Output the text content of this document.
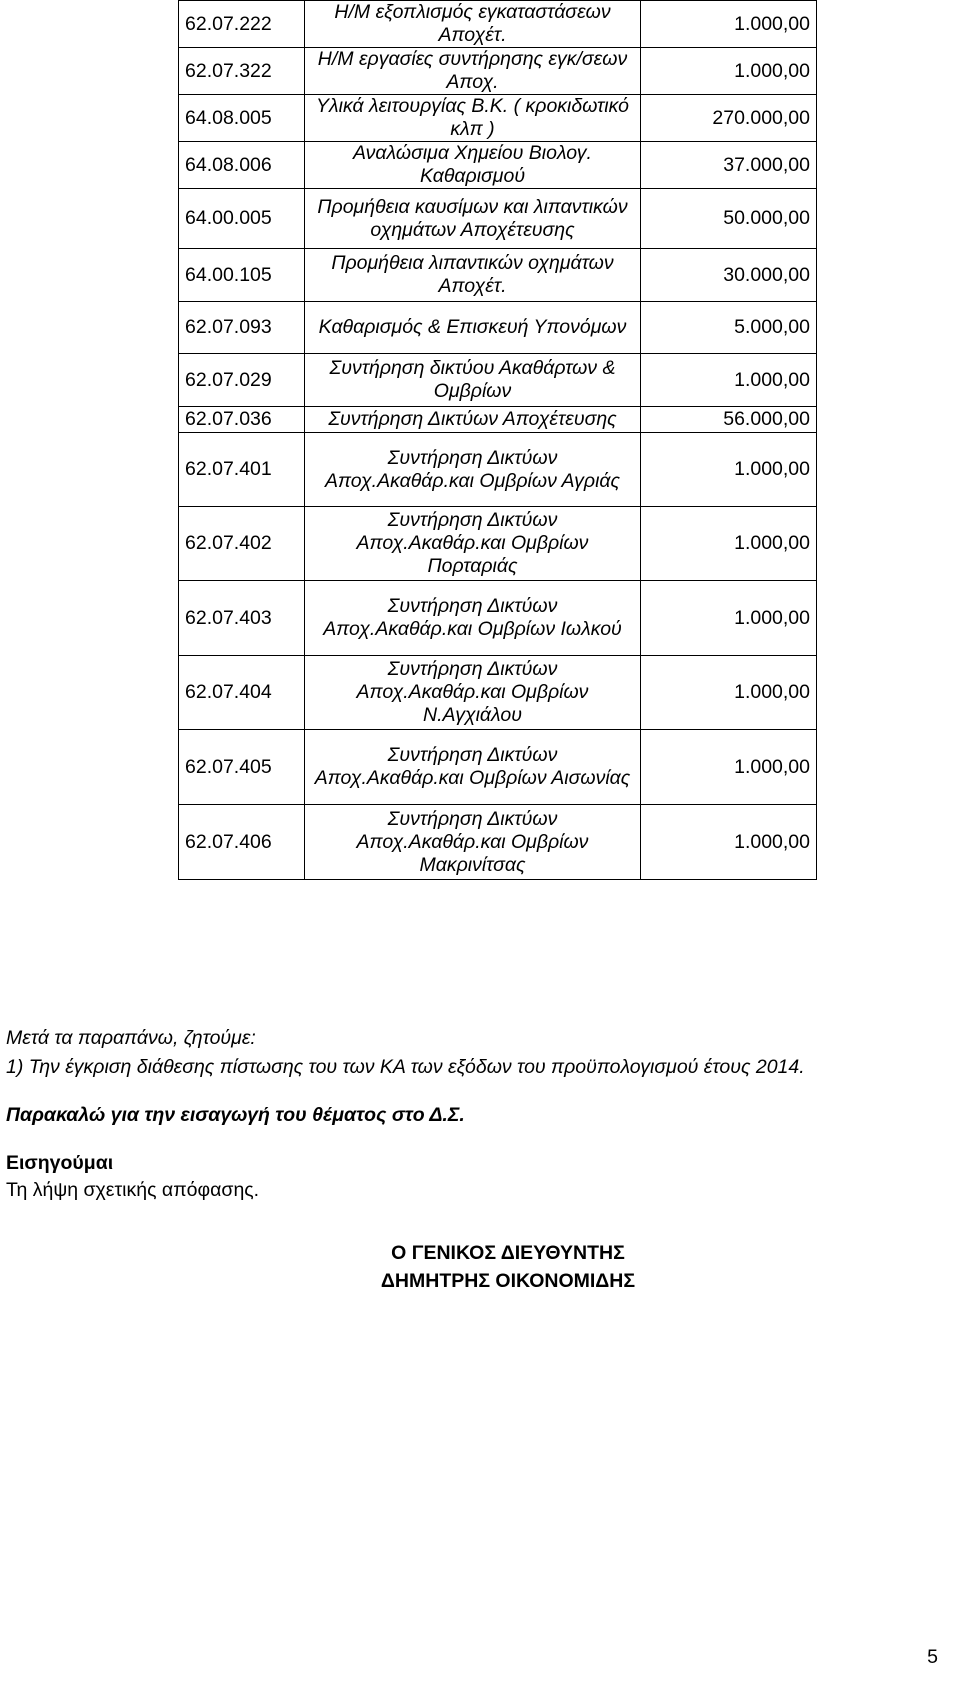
62.07.222	Η/Μ εξοπλισμός εγκαταστάσεων Αποχέτ.	1.000,00
62.07.322	Η/Μ εργασίες συντήρησης εγκ/σεων Αποχ.	1.000,00
64.08.005	Υλικά λειτουργίας Β.Κ. ( κροκιδωτικό κλπ )	270.000,00
64.08.006	Αναλώσιμα Χημείου Βιολογ. Καθαρισμού	37.000,00
64.00.005	Προμήθεια καυσίμων και λιπαντικών οχημάτων Αποχέτευσης	50.000,00
64.00.105	Προμήθεια λιπαντικών οχημάτων Αποχέτ.	30.000,00
62.07.093	Καθαρισμός & Επισκευή Υπονόμων	5.000,00
62.07.029	Συντήρηση δικτύου Ακαθάρτων & Ομβρίων	1.000,00
62.07.036	Συντήρηση Δικτύων Αποχέτευσης	56.000,00
62.07.401	Συντήρηση Δικτύων Αποχ.Ακαθάρ.και Ομβρίων Αγριάς	1.000,00
62.07.402	Συντήρηση Δικτύων Αποχ.Ακαθάρ.και Ομβρίων Πορταριάς	1.000,00
62.07.403	Συντήρηση Δικτύων Αποχ.Ακαθάρ.και Ομβρίων Ιωλκού	1.000,00
62.07.404	Συντήρηση Δικτύων Αποχ.Ακαθάρ.και Ομβρίων Ν.Αγχιάλου	1.000,00
62.07.405	Συντήρηση Δικτύων Αποχ.Ακαθάρ.και Ομβρίων Αισωνίας	1.000,00
62.07.406	Συντήρηση Δικτύων Αποχ.Ακαθάρ.και Ομβρίων Μακρινίτσας	1.000,00
Μετά τα παραπάνω, ζητούμε:
1) Την έγκριση διάθεσης πίστωσης του των ΚΑ των εξόδων του προϋπολογισμού έτους 2014.
Παρακαλώ για την εισαγωγή του θέματος στο Δ.Σ.
Εισηγούμαι
Τη λήψη σχετικής απόφασης.
Ο ΓΕΝΙΚΟΣ ΔΙΕΥΘΥΝΤΗΣ
ΔΗΜΗΤΡΗΣ ΟΙΚΟΝΟΜΙΔΗΣ
5
